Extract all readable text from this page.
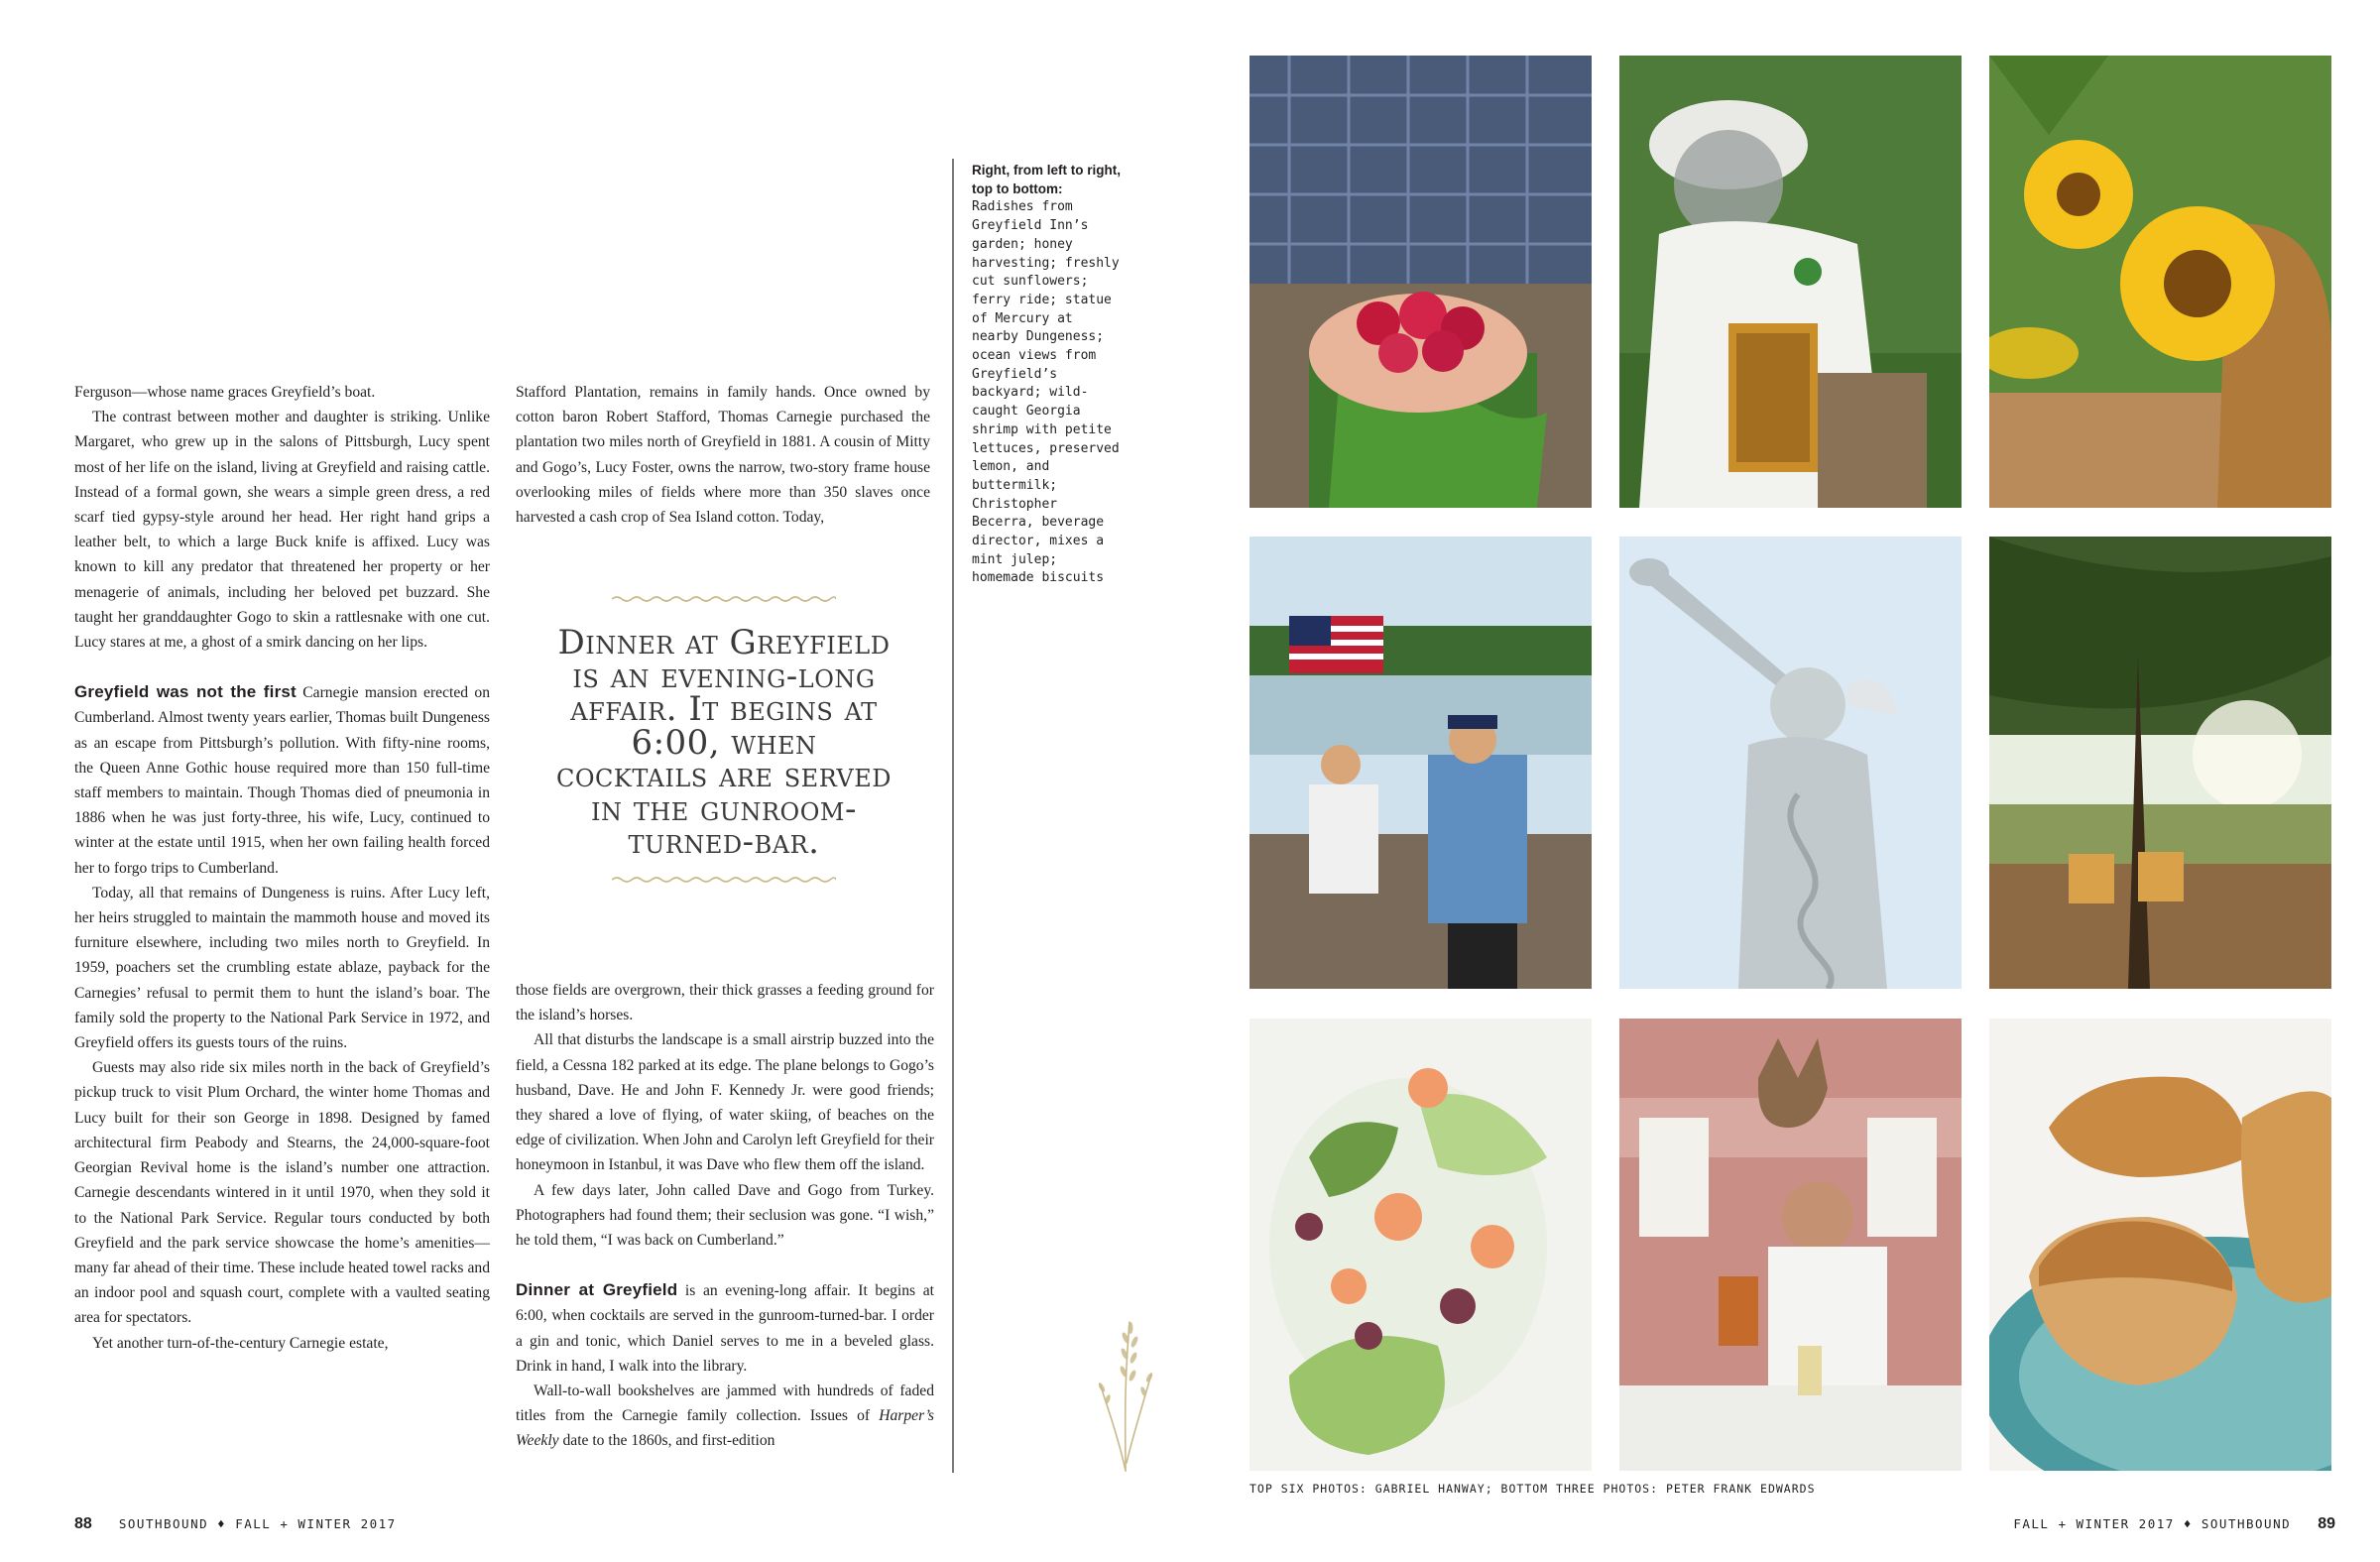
Ferguson—whose name graces Greyfield’s boat.

The contrast between mother and daughter is striking. Unlike Margaret, who grew up in the salons of Pittsburgh, Lucy spent most of her life on the island, living at Greyfield and raising cattle. Instead of a formal gown, she wears a simple green dress, a red scarf tied gypsy-style around her head. Her right hand grips a leather belt, to which a large Buck knife is affixed. Lucy was known to kill any predator that threatened her property or her menagerie of animals, including her beloved pet buzzard. She taught her granddaughter Gogo to skin a rattlesnake with one cut. Lucy stares at me, a ghost of a smirk dancing on her lips.

Greyfield was not the first Carnegie mansion erected on Cumberland. Almost twenty years earlier, Thomas built Dungeness as an escape from Pittsburgh’s pollution. With fifty-nine rooms, the Queen Anne Gothic house required more than 150 full-time staff members to maintain. Though Thomas died of pneumonia in 1886 when he was just forty-three, his wife, Lucy, continued to winter at the estate until 1915, when her own failing health forced her to forgo trips to Cumberland.

Today, all that remains of Dungeness is ruins. After Lucy left, her heirs struggled to maintain the mammoth house and moved its furniture elsewhere, including two miles north to Greyfield. In 1959, poachers set the crumbling estate ablaze, payback for the Carnegies’ refusal to permit them to hunt the island’s boar. The family sold the property to the National Park Service in 1972, and Greyfield offers its guests tours of the ruins.

Guests may also ride six miles north in the back of Greyfield’s pickup truck to visit Plum Orchard, the winter home Thomas and Lucy built for their son George in 1898. Designed by famed architectural firm Peabody and Stearns, the 24,000-square-foot Georgian Revival home is the island’s number one attraction. Carnegie descendants wintered in it until 1970, when they sold it to the National Park Service. Regular tours conducted by both Greyfield and the park service showcase the home’s amenities—many far ahead of their time. These include heated towel racks and an indoor pool and squash court, complete with a vaulted seating area for spectators.

Yet another turn-of-the-century Carnegie estate,

Stafford Plantation, remains in family hands. Once owned by cotton baron Robert Stafford, Thomas Carnegie purchased the plantation two miles north of Greyfield in 1881. A cousin of Mitty and Gogo’s, Lucy Foster, owns the narrow, two-story frame house overlooking miles of fields where more than 350 slaves once harvested a cash crop of Sea Island cotton. Today,

Dinner at Greyfield is an evening-long affair. It begins at 6:00, when cocktails are served in the gunroom-turned-bar.

those fields are overgrown, their thick grasses a feeding ground for the island’s horses.

All that disturbs the landscape is a small airstrip buzzed into the field, a Cessna 182 parked at its edge. The plane belongs to Gogo’s husband, Dave. He and John F. Kennedy Jr. were good friends; they shared a love of flying, of water skiing, of beaches on the edge of civilization. When John and Carolyn left Greyfield for their honeymoon in Istanbul, it was Dave who flew them off the island.

A few days later, John called Dave and Gogo from Turkey. Photographers had found them; their seclusion was gone. “I wish,” he told them, “I was back on Cumberland.”

Dinner at Greyfield is an evening-long affair. It begins at 6:00, when cocktails are served in the gunroom-turned-bar. I order a gin and tonic, which Daniel serves to me in a beveled glass. Drink in hand, I walk into the library.

Wall-to-wall bookshelves are jammed with hundreds of faded titles from the Carnegie family collection. Issues of Harper’s Weekly date to the 1860s, and first-edition

Right, from left to right, top to bottom:
Radishes from Greyfield Inn’s garden; honey harvesting; freshly cut sunflowers; ferry ride; statue of Mercury at nearby Dungeness; ocean views from Greyfield’s backyard; wild-caught Georgia shrimp with petite lettuces, preserved lemon, and buttermilk; Christopher Becerra, beverage director, mixes a mint julep; homemade biscuits
TOP SIX PHOTOS: GABRIEL HANWAY; BOTTOM THREE PHOTOS: PETER FRANK EDWARDS
88 SOUTHBOUND ♦ FALL + WINTER 2017	FALL + WINTER 2017 ♦ SOUTHBOUND 89
